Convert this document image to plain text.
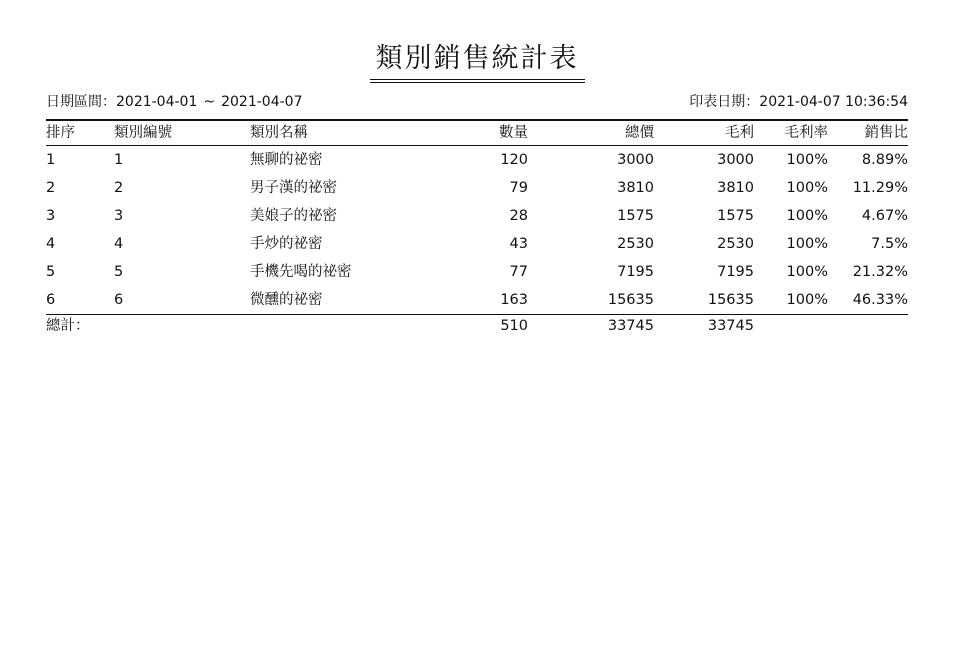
類別銷售統計表
日期區間：2021-04-01 ~ 2021-04-07	印表日期：2021-04-07 10:36:54
排序	類別編號	類別名稱	數量	總價	毛利	毛利率	銷售比
1	1	無聊的祕密	120	3000	3000	100%	8.89%
2	2	男子漢的祕密	79	3810	3810	100%	11.29%
3	3	美娘子的祕密	28	1575	1575	100%	4.67%
4	4	手炒的祕密	43	2530	2530	100%	7.5%
5	5	手機先喝的祕密	77	7195	7195	100%	21.32%
6	6	微醺的祕密	163	15635	15635	100%	46.33%
總計：			510	33745	33745		
